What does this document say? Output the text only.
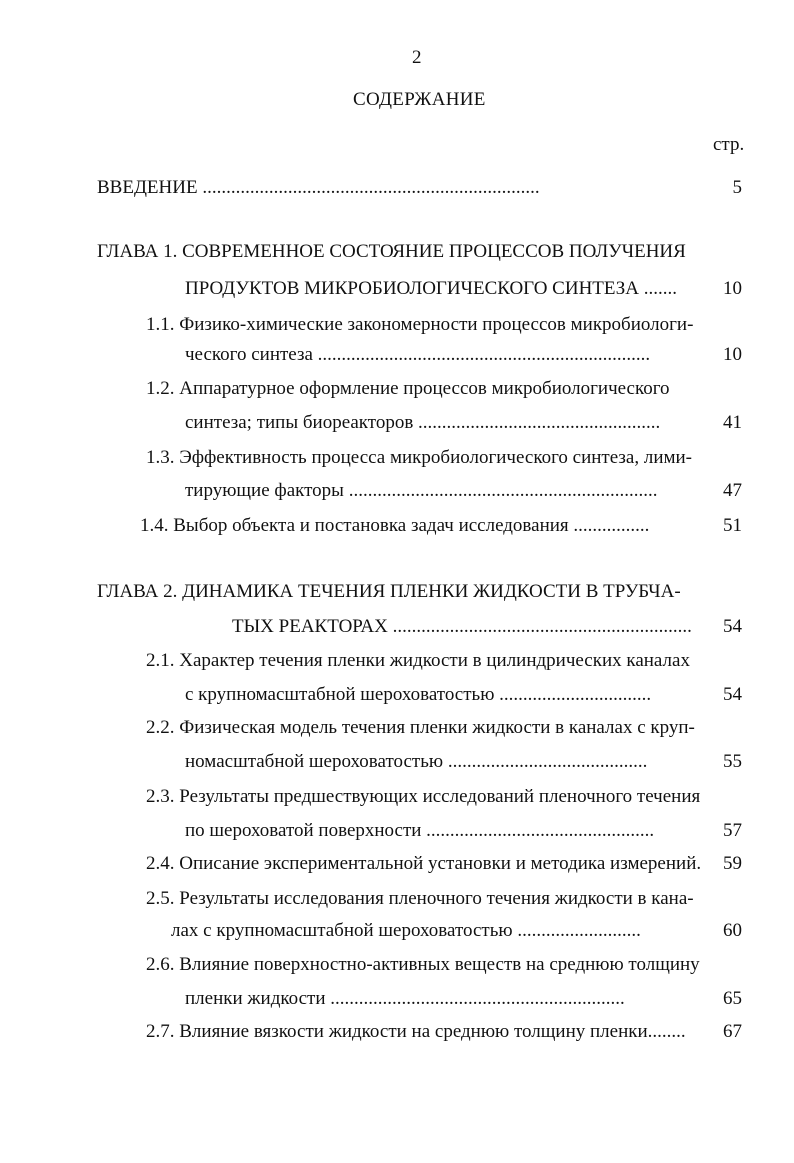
2
СОДЕРЖАНИЕ
стр.
ВВЕДЕНИЕ .......................................................................	5
ГЛАВА 1. СОВРЕМЕННОЕ СОСТОЯНИЕ ПРОЦЕССОВ ПОЛУЧЕНИЯ
ПРОДУКТОВ МИКРОБИОЛОГИЧЕСКОГО СИНТЕЗА .......	10
1.1. Физико-химические закономерности процессов микробиологи-
ческого синтеза ......................................................................	10
1.2. Аппаратурное оформление процессов микробиологического
синтеза; типы биореакторов ...................................................	41
1.3. Эффективность процесса микробиологического синтеза, лими-
тирующие факторы .................................................................	47
1.4. Выбор объекта и постановка задач исследования ................	51
ГЛАВА 2. ДИНАМИКА ТЕЧЕНИЯ ПЛЕНКИ ЖИДКОСТИ В ТРУБЧА-
ТЫХ РЕАКТОРАХ ...............................................................	54
2.1. Характер течения пленки жидкости в цилиндрических каналах
с крупномасштабной шероховатостью ................................	54
2.2. Физическая модель течения пленки жидкости в каналах с круп-
номасштабной шероховатостью ..........................................	55
2.3. Результаты предшествующих исследований пленочного течения
по шероховатой поверхности ................................................	57
2.4. Описание экспериментальной установки и методика измерений.	59
2.5. Результаты исследования пленочного течения жидкости в кана-
лах с крупномасштабной шероховатостью ..........................	60
2.6. Влияние поверхностно-активных веществ на среднюю толщину
пленки жидкости ..............................................................	65
2.7. Влияние вязкости жидкости на среднюю толщину пленки........	67
